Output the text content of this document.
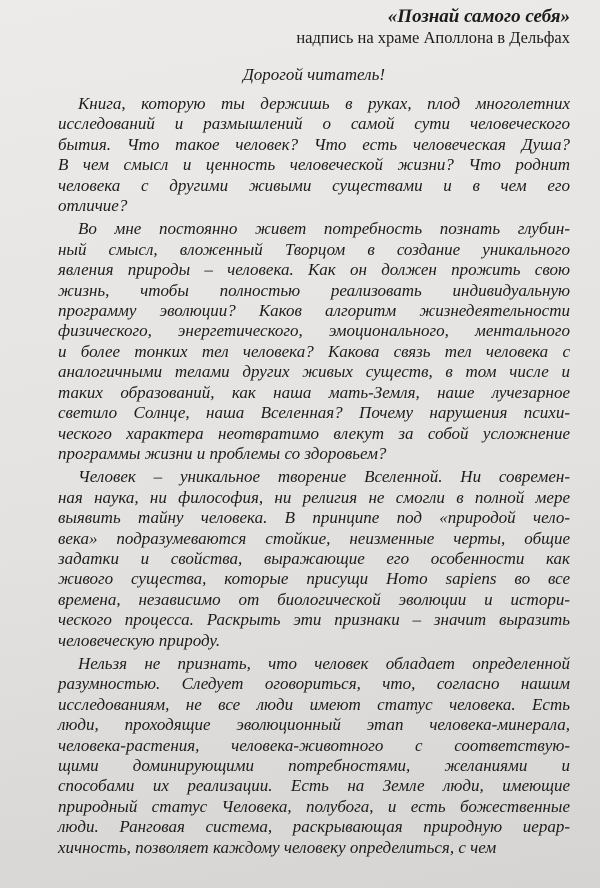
«Познай самого себя»

надпись на храме Аполлона в Дельфах

Дорогой читатель!

Книга, которую ты держишь в руках, плод многолетних
исследований и размышлений о самой сути человеческого
бытия. Что такое человек? Что есть человеческая Душа?
В чем смысл и ценность человеческой жизни? Что роднит
человека с другими живыми существами и в чем его
отличие?

Во мне постоянно живет потребность познать глубин-
ный смысл, вложенный Творцом в создание уникального
явления природы – человека. Как он должен прожить свою
жизнь, чтобы полностью реализовать индивидуальную
программу эволюции? Каков алгоритм жизнедеятельности
физического, энергетического, эмоционального, ментального
и более тонких тел человека? Какова связь тел человека с
аналогичными телами других живых существ, в том числе и
таких образований, как наша мать-Земля, наше лучезарное
светило Солнце, наша Вселенная? Почему нарушения психи-
ческого характера неотвратимо влекут за собой усложнение
программы жизни и проблемы со здоровьем?

Человек – уникальное творение Вселенной. Ни современ-
ная наука, ни философия, ни религия не смогли в полной мере
выявить тайну человека. В принципе под «природой чело-
века» подразумеваются стойкие, неизменные черты, общие
задатки и свойства, выражающие его особенности как
живого существа, которые присущи Homo sapiens во все
времена, независимо от биологической эволюции и истори-
ческого процесса. Раскрыть эти признаки – значит выразить
человеческую природу.

Нельзя не признать, что человек обладает определенной
разумностью. Следует оговориться, что, согласно нашим
исследованиям, не все люди имеют статус человека. Есть
люди, проходящие эволюционный этап человека-минерала,
человека-растения, человека-животного с соответствую-
щими доминирующими потребностями, желаниями и
способами их реализации. Есть на Земле люди, имеющие
природный статус Человека, полубога, и есть божественные
люди. Ранговая система, раскрывающая природную иерар-
хичность, позволяет каждому человеку определиться, с чем
